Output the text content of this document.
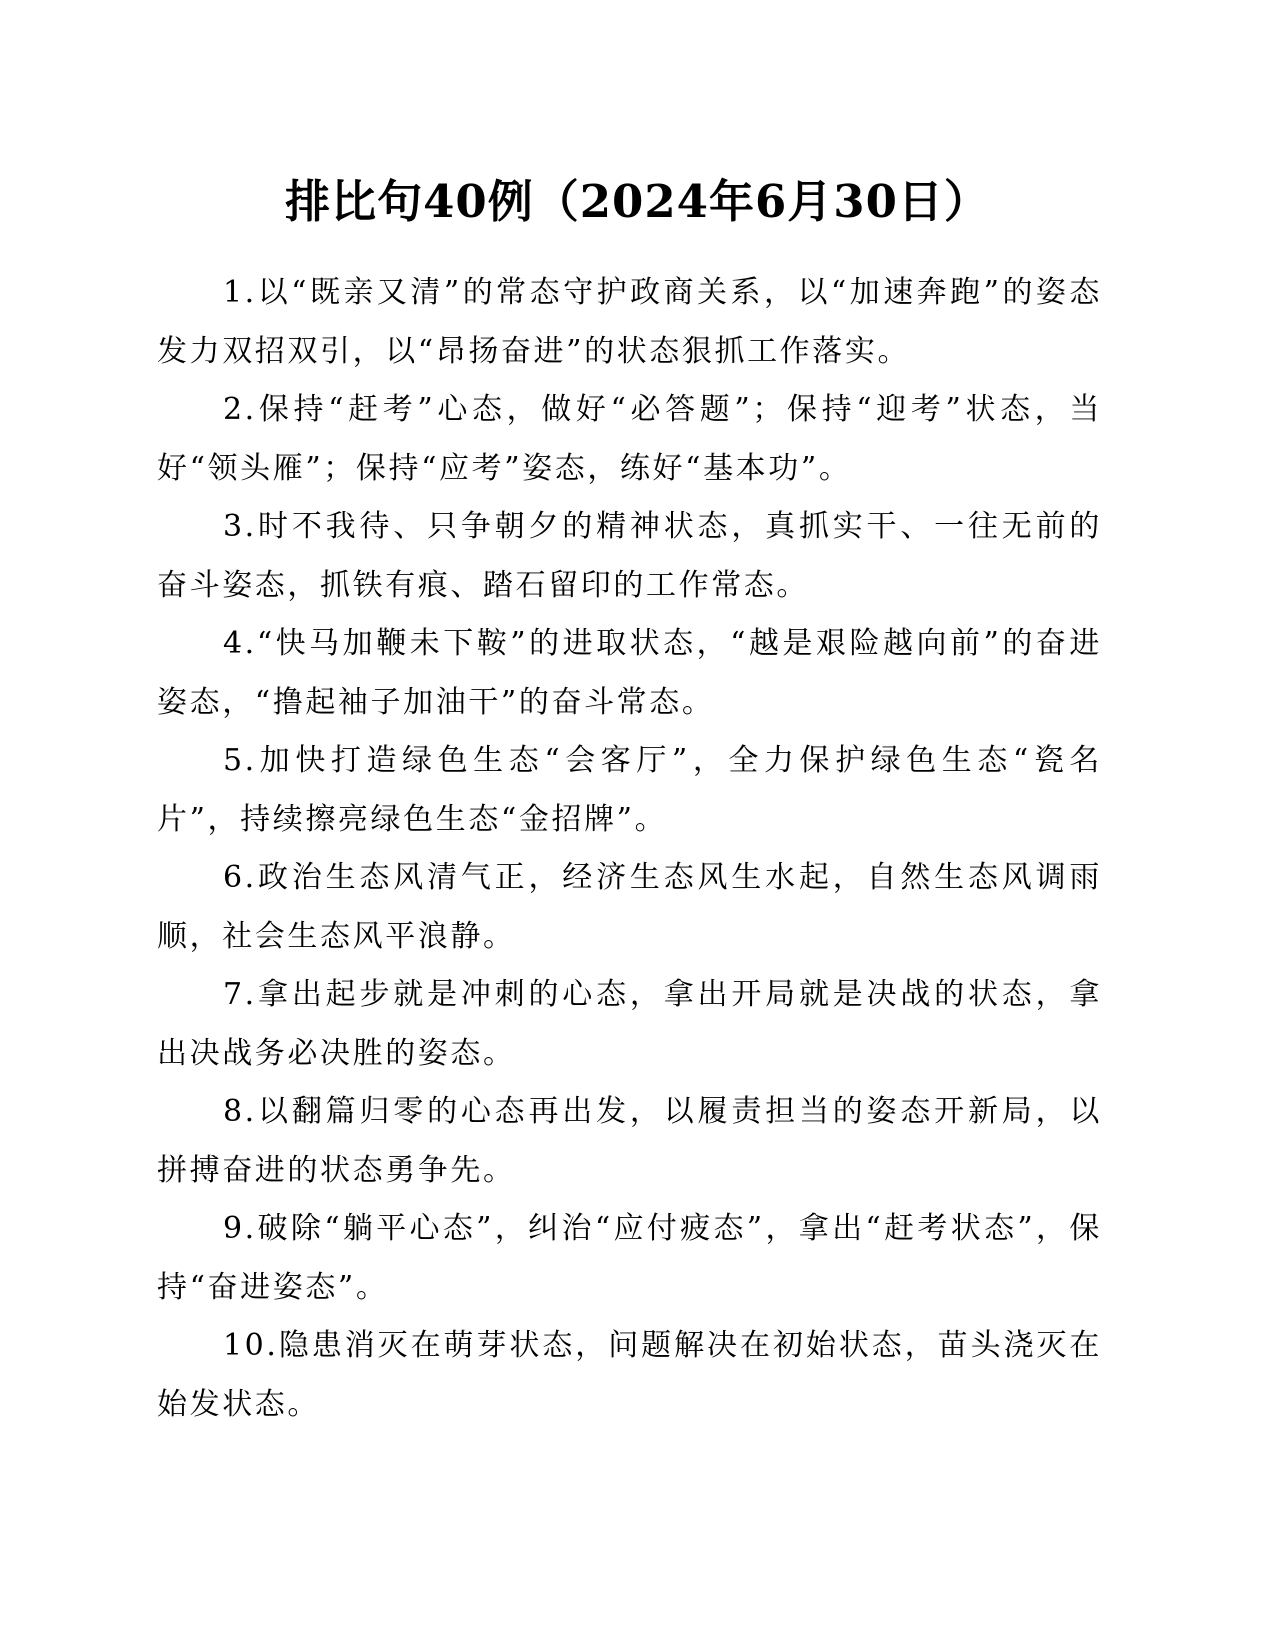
排比句40例（2024年6月30日）

1.以“既亲又清”的常态守护政商关系，以“加速奔跑”的姿态发力双招双引，以“昂扬奋进”的状态狠抓工作落实。

2.保持“赶考”心态，做好“必答题”；保持“迎考”状态，当好“领头雁”；保持“应考”姿态，练好“基本功”。

3.时不我待、只争朝夕的精神状态，真抓实干、一往无前的奋斗姿态，抓铁有痕、踏石留印的工作常态。

4.“快马加鞭未下鞍”的进取状态，“越是艰险越向前”的奋进姿态，“撸起袖子加油干”的奋斗常态。

5.加快打造绿色生态“会客厅”，全力保护绿色生态“瓷名片”，持续擦亮绿色生态“金招牌”。

6.政治生态风清气正，经济生态风生水起，自然生态风调雨顺，社会生态风平浪静。

7.拿出起步就是冲刺的心态，拿出开局就是决战的状态，拿出决战务必决胜的姿态。

8.以翻篇归零的心态再出发，以履责担当的姿态开新局，以拼搏奋进的状态勇争先。

9.破除“躺平心态”，纠治“应付疲态”，拿出“赶考状态”，保持“奋进姿态”。

10.隐患消灭在萌芽状态，问题解决在初始状态，苗头浇灭在始发状态。
